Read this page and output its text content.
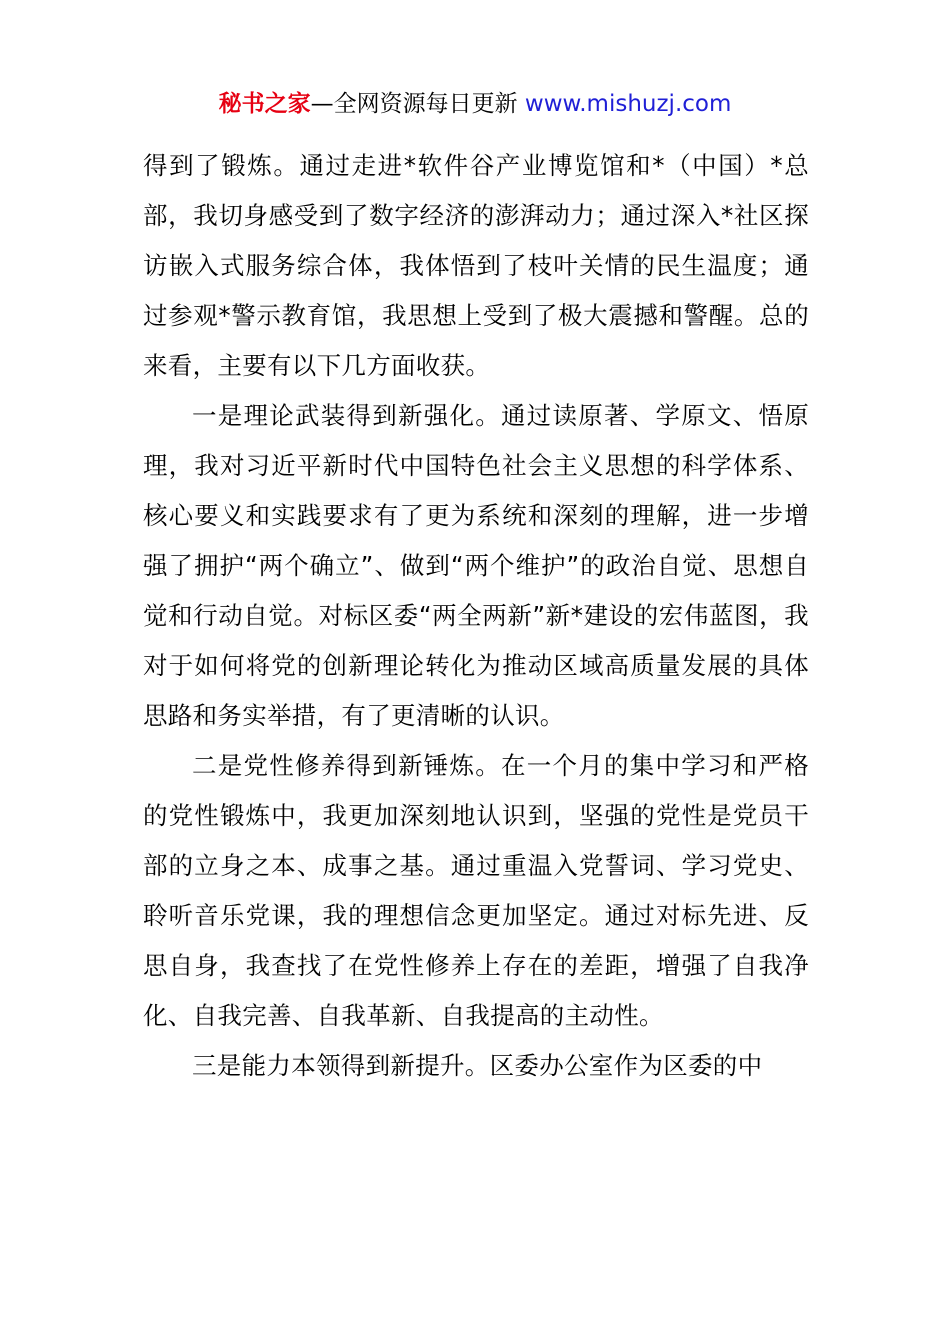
秘书之家—全网资源每日更新 www.mishuzj.com

得到了锻炼。通过走进*软件谷产业博览馆和*（中国）*总部，我切身感受到了数字经济的澎湃动力；通过深入*社区探访嵌入式服务综合体，我体悟到了枝叶关情的民生温度；通过参观*警示教育馆，我思想上受到了极大震撼和警醒。总的来看，主要有以下几方面收获。

一是理论武装得到新强化。通过读原著、学原文、悟原理，我对习近平新时代中国特色社会主义思想的科学体系、核心要义和实践要求有了更为系统和深刻的理解，进一步增强了拥护“两个确立”、做到“两个维护”的政治自觉、思想自觉和行动自觉。对标区委“两全两新”新*建设的宏伟蓝图，我对于如何将党的创新理论转化为推动区域高质量发展的具体思路和务实举措，有了更清晰的认识。

二是党性修养得到新锤炼。在一个月的集中学习和严格的党性锻炼中，我更加深刻地认识到，坚强的党性是党员干部的立身之本、成事之基。通过重温入党誓词、学习党史、聆听音乐党课，我的理想信念更加坚定。通过对标先进、反思自身，我查找了在党性修养上存在的差距，增强了自我净化、自我完善、自我革新、自我提高的主动性。

三是能力本领得到新提升。区委办公室作为区委的中
